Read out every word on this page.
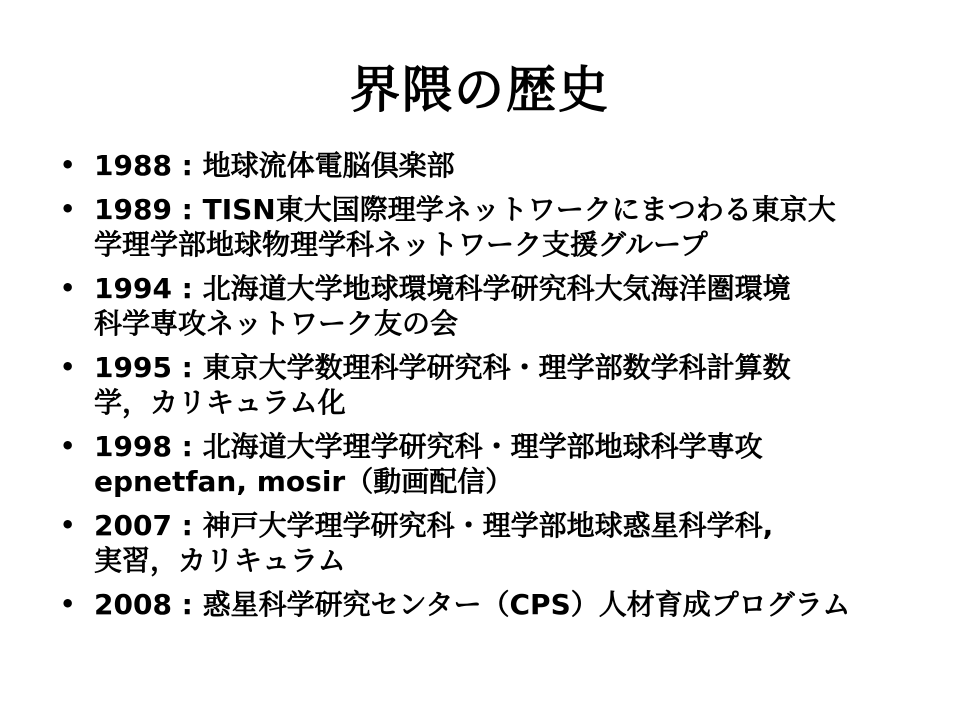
界隈の歴史
• 1988 : 地球流体電脳倶楽部
• 1989 : TISN東大国際理学ネットワークにまつわる東京大
学理学部地球物理学科ネットワーク支援グループ
• 1994 : 北海道大学地球環境科学研究科大気海洋圏環境
科学専攻ネットワーク友の会
• 1995 : 東京大学数理科学研究科・理学部数学科計算数
学，カリキュラム化
• 1998 : 北海道大学理学研究科・理学部地球科学専攻
epnetfan, mosir（動画配信）
• 2007 : 神戸大学理学研究科・理学部地球惑星科学科,
実習，カリキュラム
• 2008 : 惑星科学研究センター（CPS）人材育成プログラム
